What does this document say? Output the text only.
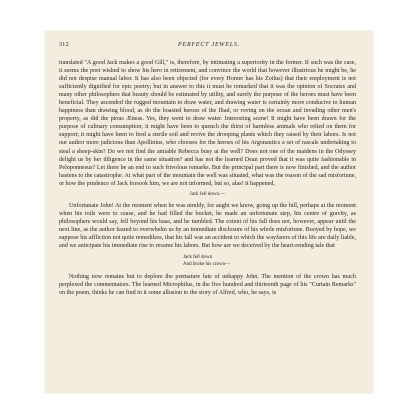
312	PERFECT JEWELS.

translated "A good Jack makes a good Gill," is, therefore, by intimating a superiority in the former. If such was the case, it seems the poet wished to show his hero in retirement, and convince the world that however illustrious he might be, he did not despise manual labor. It has also been objected (for every Homer has his Zoilus) that their employment is not sufficiently dignified for epic poetry; but in answer to this it must be remarked that it was the opinion of Socrates and many other philosophers that beauty should be estimated by utility, and surely the purpose of the heroes must have been beneficial. They ascended the rugged mountain to draw water, and drawing water is certainly more conducive to human happiness than drawing blood, as do the boasted heroes of the Iliad, or roving on the ocean and invading other men's property, as did the pious Æneas. Yes, they went to draw water. Interesting scene! It might have been drawn for the purpose of culinary consumption; it might have been to quench the thirst of harmless animals who relied on them for support; it might have been to feed a sterile soil and revive the drooping plants which they raised by their labors. Is not our author more judicious than Apollinius, who chooses for the heroes of his Argonautics a set of rascals undertaking to steal a sheep-skin? Do we not find the amiable Rebecca busy at the well? Does not one of the maidens in the Odyssey delight us by her diligence in the same situation? and has not the learned Dean proved that it was quite fashionable in Peloponnesus? Let there be an end to such frivolous remarks. But the principal part there is now finished, and the author hastens to the catastrophe. At what part of the mountain the well was situated, what was the reason of the sad misfortune, or how the prudence of Jack forsook him, we are not informed, but so, alas! it happened,

Jack fell down.—

Unfortunate John! At the moment when he was nimbly, for aught we know, going up the hill, perhaps at the moment when his toils were to cease, and he had filled the bucket, he made an unfortunate step, his centre of gravity, as philosophers would say, fell beyond his base, and he tumbled. The extent of his fall does not, however, appear until the next line, as the author feared to overwhelm us by an immediate disclosure of his whole misfortune. Buoyed by hope, we suppose his affliction not quite remediless, that his fall was an accident to which the wayfarers of this life are daily liable, and we anticipate his immediate rise to resume his labors. But how are we deceived by the heart-rending tale that

Jack fell down
And broke his crown—

Nothing now remains but to deplore the premature fate of unhappy John. The mention of the crown has much perplexed the commentators. The learned Microphilus, in the five hundred and thirteenth page of his "Curtain Remarks" on the poem, thinks he can find in it some allusion to the story of Alfred, who, he says, is
